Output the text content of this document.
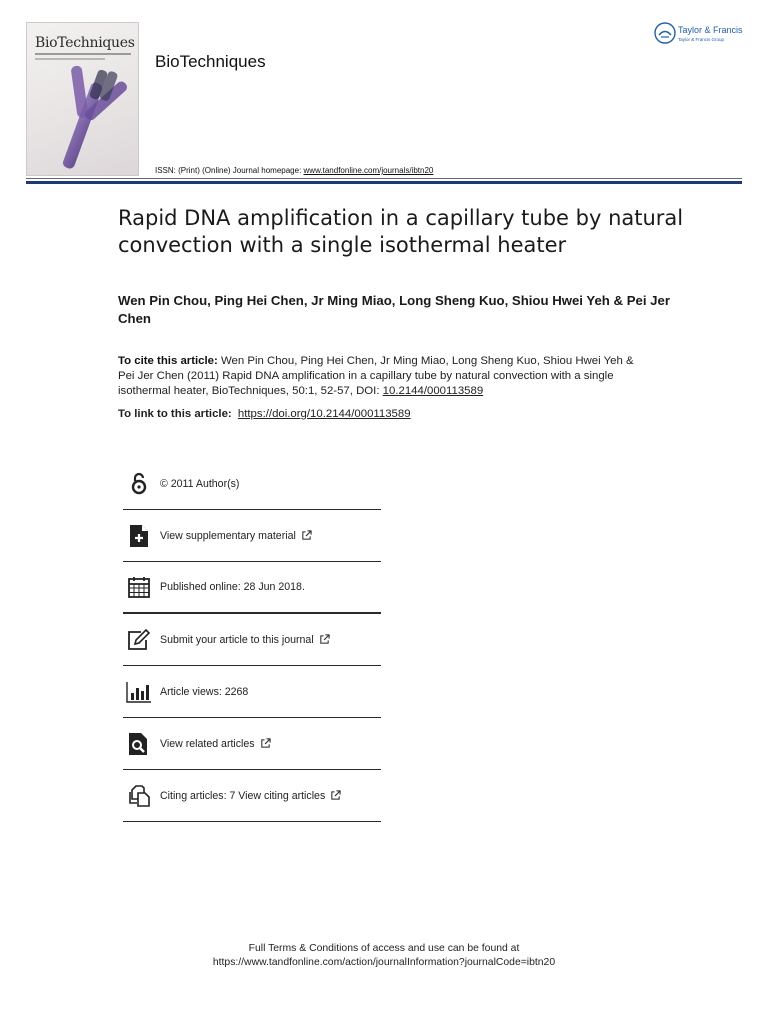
BioTechniques
BioTechniques
ISSN: (Print) (Online) Journal homepage: www.tandfonline.com/journals/ibtn20
Taylor & Francis
Taylor & Francis Group
Rapid DNA amplification in a capillary tube by natural convection with a single isothermal heater
Wen Pin Chou, Ping Hei Chen, Jr Ming Miao, Long Sheng Kuo, Shiou Hwei Yeh & Pei Jer Chen
To cite this article: Wen Pin Chou, Ping Hei Chen, Jr Ming Miao, Long Sheng Kuo, Shiou Hwei Yeh & Pei Jer Chen (2011) Rapid DNA amplification in a capillary tube by natural convection with a single isothermal heater, BioTechniques, 50:1, 52-57, DOI: 10.2144/000113589
To link to this article: https://doi.org/10.2144/000113589
© 2011 Author(s)
View supplementary material
Published online: 28 Jun 2018.
Submit your article to this journal
Article views: 2268
View related articles
Citing articles: 7 View citing articles
Full Terms & Conditions of access and use can be found at
https://www.tandfonline.com/action/journalInformation?journalCode=ibtn20
